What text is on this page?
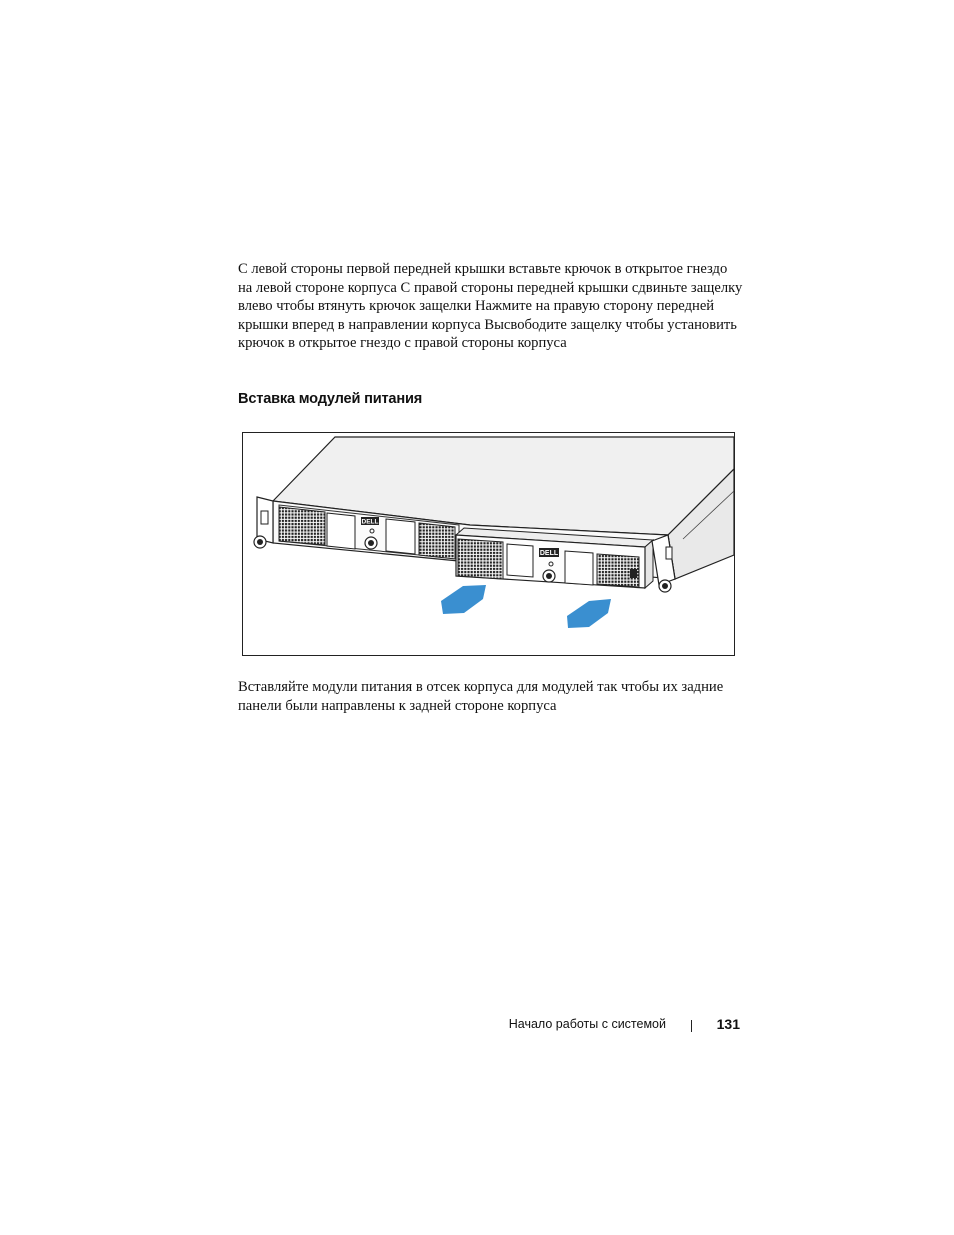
С левой стороны первой передней крышки вставьте крючок в открытое гнездо на левой стороне корпуса С правой стороны передней крышки сдвиньте защелку влево чтобы втянуть крючок защелки Нажмите на правую сторону передней крышки вперед в направлении корпуса Высвободите защелку чтобы установить крючок в открытое гнездо с правой стороны корпуса

Вставка модулей питания
DELL
DELL

Вставляйте модули питания в отсек корпуса для модулей так чтобы их задние панели были направлены к задней стороне корпуса

Начало работы с системой	131
